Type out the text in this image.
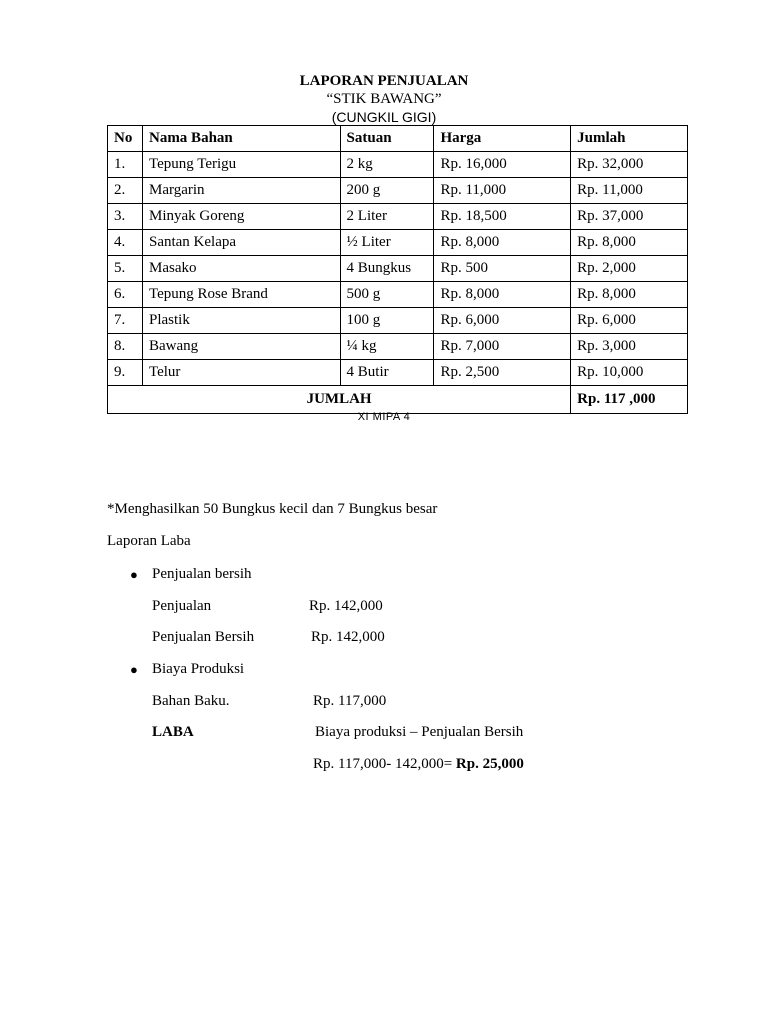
LAPORAN PENJUALAN
“STIK BAWANG”
(CUNGKIL GIGI)
No	Nama Bahan	Satuan	Harga	Jumlah
1.	Tepung Terigu	2 kg	Rp. 16,000	Rp. 32,000
2.	Margarin	200 g	Rp. 11,000	Rp. 11,000
3.	Minyak Goreng	2 Liter	Rp. 18,500	Rp. 37,000
4.	Santan Kelapa	½ Liter	Rp. 8,000	Rp. 8,000
5.	Masako	4 Bungkus	Rp. 500	Rp. 2,000
6.	Tepung Rose Brand	500 g	Rp. 8,000	Rp. 8,000
7.	Plastik	100 g	Rp. 6,000	Rp. 6,000
8.	Bawang	¼ kg	Rp. 7,000	Rp. 3,000
9.	Telur	4 Butir	Rp. 2,500	Rp. 10,000
JUMLAH				Rp. 117 ,000
XI MIPA 4
*Menghasilkan 50 Bungkus kecil dan 7 Bungkus besar
Laporan Laba
● Penjualan bersih
Penjualan	Rp. 142,000
Penjualan Bersih	Rp. 142,000
● Biaya Produksi
Bahan Baku.	Rp. 117,000
LABA	Biaya produksi – Penjualan Bersih
Rp. 117,000- 142,000= Rp. 25,000
